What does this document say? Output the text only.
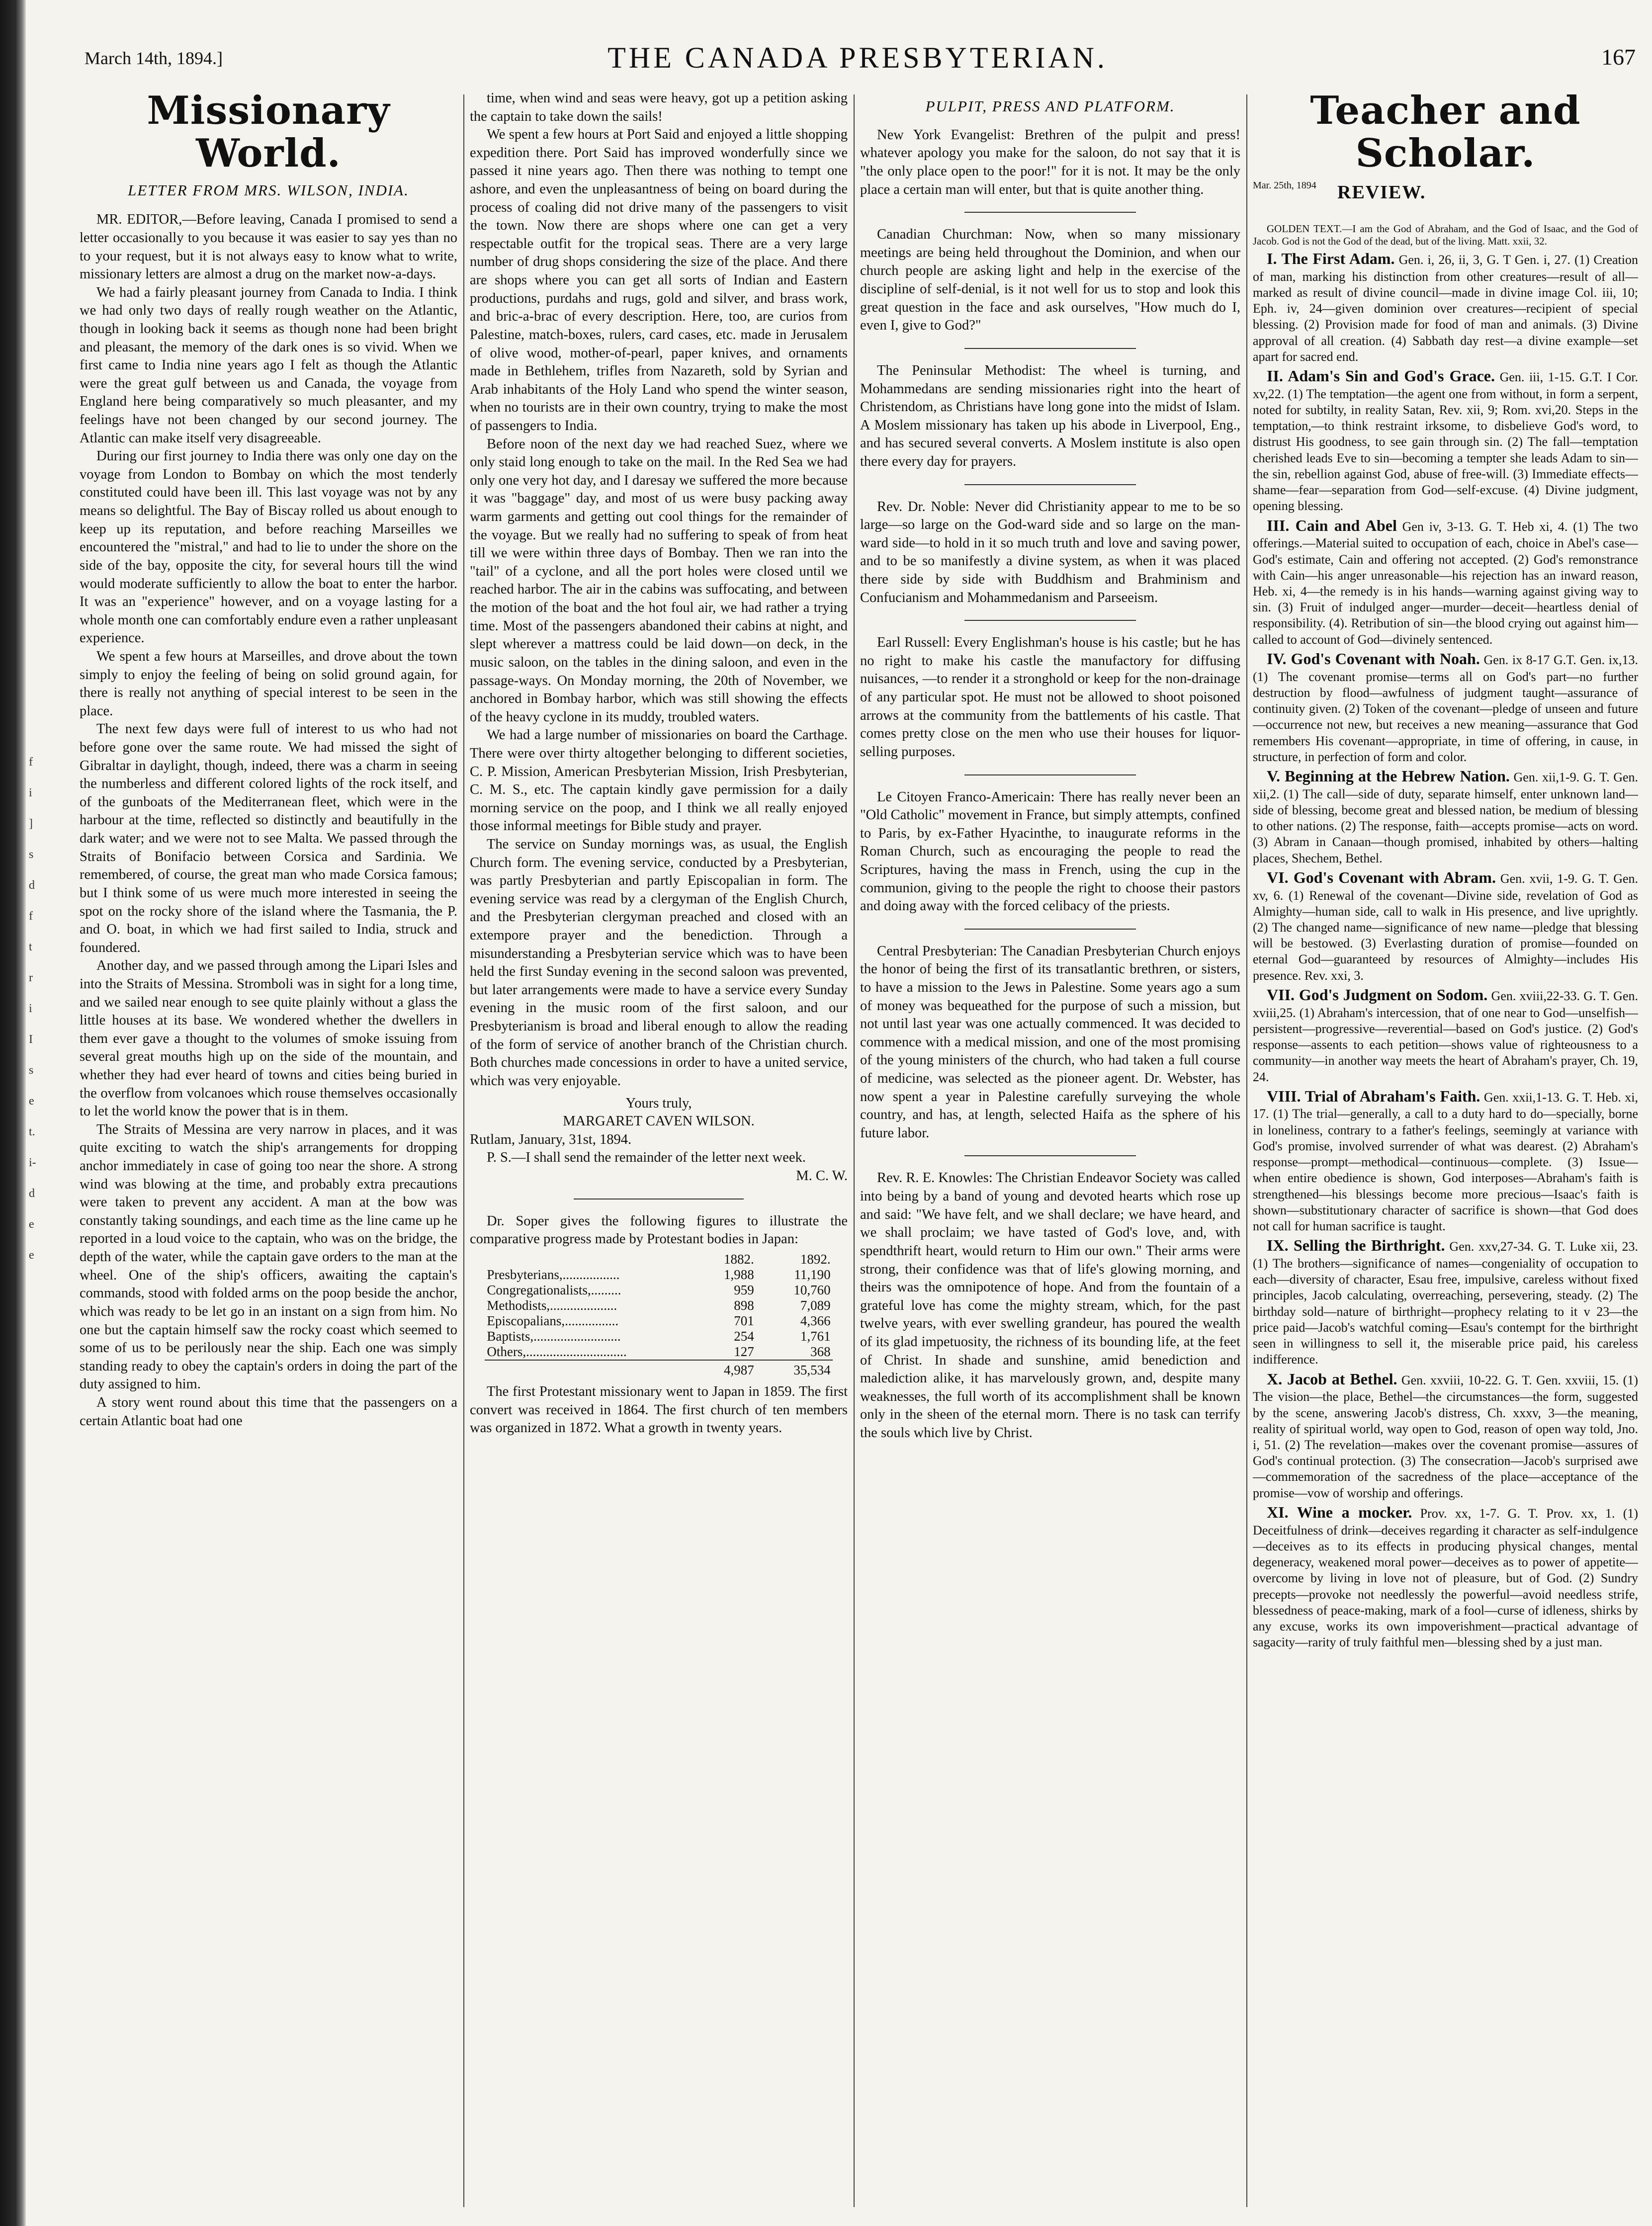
f
i
]
s
d
f
t
r
i
I
s
e
t.
i-
d
e
e
March 14th, 1894.]	THE CANADA PRESBYTERIAN.	167
Missionary World.
LETTER FROM MRS. WILSON, INDIA.

MR. EDITOR,—Before leaving, Canada I promised to send a letter occasionally to you because it was easier to say yes than no to your request, but it is not always easy to know what to write, missionary letters are almost a drug on the market now-a-days.

We had a fairly pleasant journey from Canada to India. I think we had only two days of really rough weather on the Atlantic, though in looking back it seems as though none had been bright and pleasant, the memory of the dark ones is so vivid. When we first came to India nine years ago I felt as though the Atlantic were the great gulf between us and Canada, the voyage from England here being comparatively so much pleasanter, and my feelings have not been changed by our second journey. The Atlantic can make itself very disagreeable.

During our first journey to India there was only one day on the voyage from London to Bombay on which the most tenderly constituted could have been ill. This last voyage was not by any means so delightful. The Bay of Biscay rolled us about enough to keep up its reputation, and before reaching Marseilles we encountered the "mistral," and had to lie to under the shore on the side of the bay, opposite the city, for several hours till the wind would moderate sufficiently to allow the boat to enter the harbor. It was an "experience" however, and on a voyage lasting for a whole month one can comfortably endure even a rather unpleasant experience.

We spent a few hours at Marseilles, and drove about the town simply to enjoy the feeling of being on solid ground again, for there is really not anything of special interest to be seen in the place.

The next few days were full of interest to us who had not before gone over the same route. We had missed the sight of Gibraltar in daylight, though, indeed, there was a charm in seeing the numberless and different colored lights of the rock itself, and of the gunboats of the Mediterranean fleet, which were in the harbour at the time, reflected so distinctly and beautifully in the dark water; and we were not to see Malta. We passed through the Straits of Bonifacio between Corsica and Sardinia. We remembered, of course, the great man who made Corsica famous; but I think some of us were much more interested in seeing the spot on the rocky shore of the island where the Tasmania, the P. and O. boat, in which we had first sailed to India, struck and foundered.

Another day, and we passed through among the Lipari Isles and into the Straits of Messina. Stromboli was in sight for a long time, and we sailed near enough to see quite plainly without a glass the little houses at its base. We wondered whether the dwellers in them ever gave a thought to the volumes of smoke issuing from several great mouths high up on the side of the mountain, and whether they had ever heard of towns and cities being buried in the overflow from volcanoes which rouse themselves occasionally to let the world know the power that is in them.

The Straits of Messina are very narrow in places, and it was quite exciting to watch the ship's arrangements for dropping anchor immediately in case of going too near the shore. A strong wind was blowing at the time, and probably extra precautions were taken to prevent any accident. A man at the bow was constantly taking soundings, and each time as the line came up he reported in a loud voice to the captain, who was on the bridge, the depth of the water, while the captain gave orders to the man at the wheel. One of the ship's officers, awaiting the captain's commands, stood with folded arms on the poop beside the anchor, which was ready to be let go in an instant on a sign from him. No one but the captain himself saw the rocky coast which seemed to some of us to be perilously near the ship. Each one was simply standing ready to obey the captain's orders in doing the part of the duty assigned to him.

A story went round about this time that the passengers on a certain Atlantic boat had one

time, when wind and seas were heavy, got up a petition asking the captain to take down the sails!

We spent a few hours at Port Said and enjoyed a little shopping expedition there. Port Said has improved wonderfully since we passed it nine years ago. Then there was nothing to tempt one ashore, and even the unpleasantness of being on board during the process of coaling did not drive many of the passengers to visit the town. Now there are shops where one can get a very respectable outfit for the tropical seas. There are a very large number of drug shops considering the size of the place. And there are shops where you can get all sorts of Indian and Eastern productions, purdahs and rugs, gold and silver, and brass work, and bric-a-brac of every description. Here, too, are curios from Palestine, match-boxes, rulers, card cases, etc. made in Jerusalem of olive wood, mother-of-pearl, paper knives, and ornaments made in Bethlehem, trifles from Nazareth, sold by Syrian and Arab inhabitants of the Holy Land who spend the winter season, when no tourists are in their own country, trying to make the most of passengers to India.

Before noon of the next day we had reached Suez, where we only staid long enough to take on the mail. In the Red Sea we had only one very hot day, and I daresay we suffered the more because it was "baggage" day, and most of us were busy packing away warm garments and getting out cool things for the remainder of the voyage. But we really had no suffering to speak of from heat till we were within three days of Bombay. Then we ran into the "tail" of a cyclone, and all the port holes were closed until we reached harbor. The air in the cabins was suffocating, and between the motion of the boat and the hot foul air, we had rather a trying time. Most of the passengers abandoned their cabins at night, and slept wherever a mattress could be laid down—on deck, in the music saloon, on the tables in the dining saloon, and even in the passage-ways. On Monday morning, the 20th of November, we anchored in Bombay harbor, which was still showing the effects of the heavy cyclone in its muddy, troubled waters.

We had a large number of missionaries on board the Carthage. There were over thirty altogether belonging to different societies, C. P. Mission, American Presbyterian Mission, Irish Presbyterian, C. M. S., etc. The captain kindly gave permission for a daily morning service on the poop, and I think we all really enjoyed those informal meetings for Bible study and prayer.

The service on Sunday mornings was, as usual, the English Church form. The evening service, conducted by a Presbyterian, was partly Presbyterian and partly Episcopalian in form. The evening service was read by a clergyman of the English Church, and the Presbyterian clergyman preached and closed with an extempore prayer and the benediction. Through a misunderstanding a Presbyterian service which was to have been held the first Sunday evening in the second saloon was prevented, but later arrangements were made to have a service every Sunday evening in the music room of the first saloon, and our Presbyterianism is broad and liberal enough to allow the reading of the form of service of another branch of the Christian church. Both churches made concessions in order to have a united service, which was very enjoyable.

Yours truly,

MARGARET CAVEN WILSON.

Rutlam, January, 31st, 1894.

P. S.—I shall send the remainder of the letter next week.

M. C. W.

Dr. Soper gives the following figures to illustrate the comparative progress made by Protestant bodies in Japan:

	1882.	1892.
Presbyterians,.................	1,988	11,190
Congregationalists,.........	959	10,760
Methodists,....................	898	7,089
Episcopalians,................	701	4,366
Baptists,..........................	254	1,761
Others,..............................	127	368
	4,987	35,534

The first Protestant missionary went to Japan in 1859. The first convert was received in 1864. The first church of ten members was organized in 1872. What a growth in twenty years.

PULPIT, PRESS AND PLATFORM.

New York Evangelist: Brethren of the pulpit and press! whatever apology you make for the saloon, do not say that it is "the only place open to the poor!" for it is not. It may be the only place a certain man will enter, but that is quite another thing.

Canadian Churchman: Now, when so many missionary meetings are being held throughout the Dominion, and when our church people are asking light and help in the exercise of the discipline of self-denial, is it not well for us to stop and look this great question in the face and ask ourselves, "How much do I, even I, give to God?"

The Peninsular Methodist: The wheel is turning, and Mohammedans are sending missionaries right into the heart of Christendom, as Christians have long gone into the midst of Islam. A Moslem missionary has taken up his abode in Liverpool, Eng., and has secured several converts. A Moslem institute is also open there every day for prayers.

Rev. Dr. Noble: Never did Christianity appear to me to be so large—so large on the God-ward side and so large on the man-ward side—to hold in it so much truth and love and saving power, and to be so manifestly a divine system, as when it was placed there side by side with Buddhism and Brahminism and Confucianism and Mohammedanism and Parseeism.

Earl Russell: Every Englishman's house is his castle; but he has no right to make his castle the manufactory for diffusing nuisances, —to render it a stronghold or keep for the non-drainage of any particular spot. He must not be allowed to shoot poisoned arrows at the community from the battlements of his castle. That comes pretty close on the men who use their houses for liquor-selling purposes.

Le Citoyen Franco-Americain: There has really never been an "Old Catholic" movement in France, but simply attempts, confined to Paris, by ex-Father Hyacinthe, to inaugurate reforms in the Roman Church, such as encouraging the people to read the Scriptures, having the mass in French, using the cup in the communion, giving to the people the right to choose their pastors and doing away with the forced celibacy of the priests.

Central Presbyterian: The Canadian Presbyterian Church enjoys the honor of being the first of its transatlantic brethren, or sisters, to have a mission to the Jews in Palestine. Some years ago a sum of money was bequeathed for the purpose of such a mission, but not until last year was one actually commenced. It was decided to commence with a medical mission, and one of the most promising of the young ministers of the church, who had taken a full course of medicine, was selected as the pioneer agent. Dr. Webster, has now spent a year in Palestine carefully surveying the whole country, and has, at length, selected Haifa as the sphere of his future labor.

Rev. R. E. Knowles: The Christian Endeavor Society was called into being by a band of young and devoted hearts which rose up and said: "We have felt, and we shall declare; we have heard, and we shall proclaim; we have tasted of God's love, and, with spendthrift heart, would return to Him our own." Their arms were strong, their confidence was that of life's glowing morning, and theirs was the omnipotence of hope. And from the fountain of a grateful love has come the mighty stream, which, for the past twelve years, with ever swelling grandeur, has poured the wealth of its glad impetuosity, the richness of its bounding life, at the feet of Christ. In shade and sunshine, amid benediction and malediction alike, it has marvelously grown, and, despite many weaknesses, the full worth of its accomplishment shall be known only in the sheen of the eternal morn. There is no task can terrify the souls which live by Christ.

Teacher and Scholar.
Mar. 25th, 1894 REVIEW.

GOLDEN TEXT.—I am the God of Abraham, and the God of Isaac, and the God of Jacob. God is not the God of the dead, but of the living. Matt. xxii, 32.

I. The First Adam. Gen. i, 26, ii, 3, G. T Gen. i, 27. (1) Creation of man, marking his distinction from other creatures—result of all—marked as result of divine council—made in divine image Col. iii, 10; Eph. iv, 24—given dominion over creatures—recipient of special blessing. (2) Provision made for food of man and animals. (3) Divine approval of all creation. (4) Sabbath day rest—a divine example—set apart for sacred end.

II. Adam's Sin and God's Grace. Gen. iii, 1-15. G.T. I Cor. xv,22. (1) The temptation—the agent one from without, in form a serpent, noted for subtilty, in reality Satan, Rev. xii, 9; Rom. xvi,20. Steps in the temptation,—to think restraint irksome, to disbelieve God's word, to distrust His goodness, to see gain through sin. (2) The fall—temptation cherished leads Eve to sin—becoming a tempter she leads Adam to sin—the sin, rebellion against God, abuse of free-will. (3) Immediate effects—shame—fear—separation from God—self-excuse. (4) Divine judgment, opening blessing.

III. Cain and Abel Gen iv, 3-13. G. T. Heb xi, 4. (1) The two offerings.—Material suited to occupation of each, choice in Abel's case—God's estimate, Cain and offering not accepted. (2) God's remonstrance with Cain—his anger unreasonable—his rejection has an inward reason, Heb. xi, 4—the remedy is in his hands—warning against giving way to sin. (3) Fruit of indulged anger—murder—deceit—heartless denial of responsibility. (4). Retribution of sin—the blood crying out against him—called to account of God—divinely sentenced.

IV. God's Covenant with Noah. Gen. ix 8-17 G.T. Gen. ix,13. (1) The covenant promise—terms all on God's part—no further destruction by flood—awfulness of judgment taught—assurance of continuity given. (2) Token of the covenant—pledge of unseen and future—occurrence not new, but receives a new meaning—assurance that God remembers His covenant—appropriate, in time of offering, in cause, in structure, in perfection of form and color.

V. Beginning at the Hebrew Nation. Gen. xii,1-9. G. T. Gen. xii,2. (1) The call—side of duty, separate himself, enter unknown land—side of blessing, become great and blessed nation, be medium of blessing to other nations. (2) The response, faith—accepts promise—acts on word. (3) Abram in Canaan—though promised, inhabited by others—halting places, Shechem, Bethel.

VI. God's Covenant with Abram. Gen. xvii, 1-9. G. T. Gen. xv, 6. (1) Renewal of the covenant—Divine side, revelation of God as Almighty—human side, call to walk in His presence, and live uprightly. (2) The changed name—significance of new name—pledge that blessing will be bestowed. (3) Everlasting duration of promise—founded on eternal God—guaranteed by resources of Almighty—includes His presence. Rev. xxi, 3.

VII. God's Judgment on Sodom. Gen. xviii,22-33. G. T. Gen. xviii,25. (1) Abraham's intercession, that of one near to God—unselfish—persistent—progressive—reverential—based on God's justice. (2) God's response—assents to each petition—shows value of righteousness to a community—in another way meets the heart of Abraham's prayer, Ch. 19, 24.

VIII. Trial of Abraham's Faith. Gen. xxii,1-13. G. T. Heb. xi, 17. (1) The trial—generally, a call to a duty hard to do—specially, borne in loneliness, contrary to a father's feelings, seemingly at variance with God's promise, involved surrender of what was dearest. (2) Abraham's response—prompt—methodical—continuous—complete. (3) Issue—when entire obedience is shown, God interposes—Abraham's faith is strengthened—his blessings become more precious—Isaac's faith is shown—substitutionary character of sacrifice is shown—that God does not call for human sacrifice is taught.

IX. Selling the Birthright. Gen. xxv,27-34. G. T. Luke xii, 23. (1) The brothers—significance of names—congeniality of occupation to each—diversity of character, Esau free, impulsive, careless without fixed principles, Jacob calculating, overreaching, persevering, steady. (2) The birthday sold—nature of birthright—prophecy relating to it v 23—the price paid—Jacob's watchful coming—Esau's contempt for the birthright seen in willingness to sell it, the miserable price paid, his careless indifference.

X. Jacob at Bethel. Gen. xxviii, 10-22. G. T. Gen. xxviii, 15. (1) The vision—the place, Bethel—the circumstances—the form, suggested by the scene, answering Jacob's distress, Ch. xxxv, 3—the meaning, reality of spiritual world, way open to God, reason of open way told, Jno. i, 51. (2) The revelation—makes over the covenant promise—assures of God's continual protection. (3) The consecration—Jacob's surprised awe—commemoration of the sacredness of the place—acceptance of the promise—vow of worship and offerings.

XI. Wine a mocker. Prov. xx, 1-7. G. T. Prov. xx, 1. (1) Deceitfulness of drink—deceives regarding it character as self-indulgence—deceives as to its effects in producing physical changes, mental degeneracy, weakened moral power—deceives as to power of appetite—overcome by living in love not of pleasure, but of God. (2) Sundry precepts—provoke not needlessly the powerful—avoid needless strife, blessedness of peace-making, mark of a fool—curse of idleness, shirks by any excuse, works its own impoverishment—practical advantage of sagacity—rarity of truly faithful men—blessing shed by a just man.
